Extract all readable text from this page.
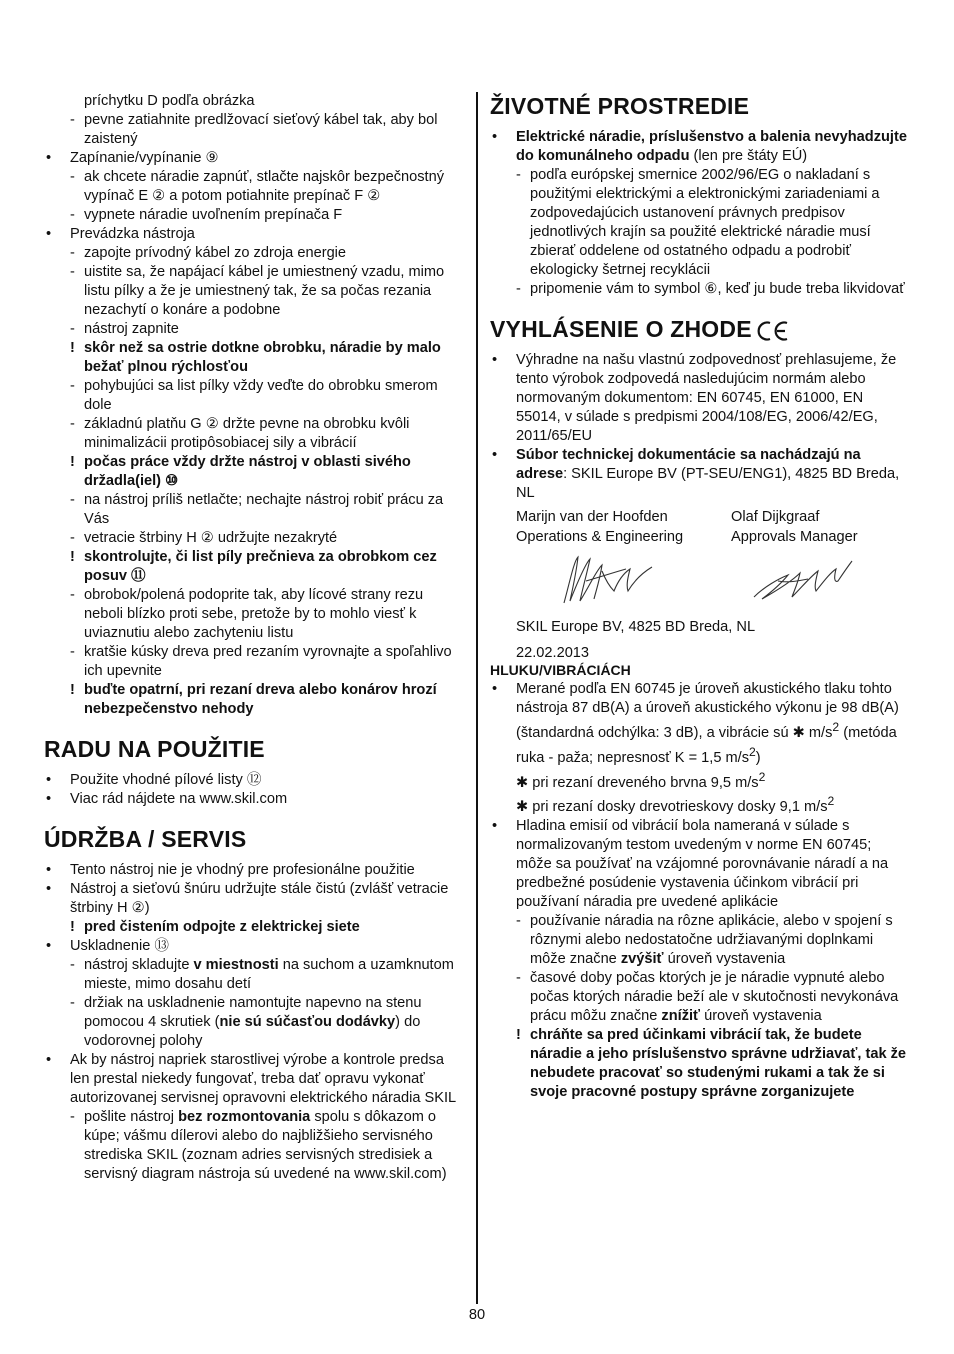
príchytku D podľa obrázka
- pevne zatiahnite predlžovací sieťový kábel tak, aby bol zaistený
• Zapínanie/vypínanie ⑨
- ak chcete náradie zapnúť, stlačte najskôr bezpečnostný vypínač E ② a potom potiahnite prepínač F ②
- vypnete náradie uvoľnením prepínača F
• Prevádzka nástroja
- zapojte prívodný kábel zo zdroja energie
- uistite sa, že napájací kábel je umiestnený vzadu, mimo listu pílky a že je umiestnený tak, že sa počas rezania nezachytí o konáre a podobne
- nástroj zapnite
! skôr než sa ostrie dotkne obrobku, náradie by malo bežať plnou rýchlosťou
- pohybujúci sa list pílky vždy veďte do obrobku smerom dole
- základnú platňu G ② držte pevne na obrobku kvôli minimalizácii protipôsobiacej sily a vibrácií
! počas práce vždy držte nástroj v oblasti sivého držadla(iel) ⑩
- na nástroj príliš netlačte; nechajte nástroj robiť prácu za Vás
- vetracie štrbiny H ② udržujte nezakryté
! skontrolujte, či list píly prečnieva za obrobkom cez posuv ⑪
- obrobok/polená podoprite tak, aby lícové strany rezu neboli blízko proti sebe, pretože by to mohlo viesť k uviaznutiu alebo zachyteniu listu
- kratšie kúsky dreva pred rezaním vyrovnajte a spoľahlivo ich upevnite
! buďte opatrní, pri rezaní dreva alebo konárov hrozí nebezpečenstvo nehody
RADU NA POUŽITIE
• Použite vhodné pílové listy ⑫
• Viac rád nájdete na www.skil.com
ÚDRŽBA / SERVIS
• Tento nástroj nie je vhodný pre profesionálne použitie
• Nástroj a sieťovú šnúru udržujte stále čistú (zvlášť vetracie štrbiny H ②)
! pred čistením odpojte z elektrickej siete
• Uskladnenie ⑬
- nástroj skladujte v miestnosti na suchom a uzamknutom mieste, mimo dosahu detí
- držiak na uskladnenie namontujte napevno na stenu pomocou 4 skrutiek (nie sú súčasťou dodávky) do vodorovnej polohy
• Ak by nástroj napriek starostlivej výrobe a kontrole predsa len prestal niekedy fungovať, treba dať opravu vykonať autorizovanej servisnej opravovni elektrického náradia SKIL
- pošlite nástroj bez rozmontovania spolu s dôkazom o kúpe; vášmu dílerovi alebo do najbližšieho servisného strediska SKIL (zoznam adries servisných stredisiek a servisný diagram nástroja sú uvedené na www.skil.com)
ŽIVOTNÉ PROSTREDIE
• Elektrické náradie, príslušenstvo a balenia nevyhadzujte do komunálneho odpadu (len pre štáty EÚ)
- podľa európskej smernice 2002/96/EG o nakladaní s použitými elektrickými a elektronickými zariadeniami a zodpovedajúcich ustanovení právnych predpisov jednotlivých krajín sa použité elektrické náradie musí zbierať oddelene od ostatného odpadu a podrobiť ekologicky šetrnej recyklácii
- pripomenie vám to symbol ⑥, keď ju bude treba likvidovať
VYHLÁSENIE O ZHODE
• Výhradne na našu vlastnú zodpovednosť prehlasujeme, že tento výrobok zodpovedá nasledujúcim normám alebo normovaným dokumentom: EN 60745, EN 61000, EN 55014, v súlade s predpismi 2004/108/EG, 2006/42/EG, 2011/65/EU
• Súbor technickej dokumentácie sa nachádzajú na adrese: SKIL Europe BV (PT-SEU/ENG1), 4825 BD Breda, NL
Marijn van der Hoofden
Operations & Engineering
Olaf Dijkgraaf
Approvals Manager
SKIL Europe BV, 4825 BD Breda, NL
22.02.2013
HLUKU/VIBRÁCIÁCH
• Merané podľa EN 60745 je úroveň akustického tlaku tohto nástroja 87 dB(A) a úroveň akustického výkonu je 98 dB(A) (štandardná odchýlka: 3 dB), a vibrácie sú ✱ $m/s^2$ (metóda ruka - paža; nepresnosť K = 1,5 $m/s^2$)
✱ pri rezaní dreveného brvna 9,5 $m/s^2$
✱ pri rezaní dosky drevotrieskovy dosky 9,1 $m/s^2$
• Hladina emisií od vibrácií bola nameraná v súlade s normalizovaným testom uvedeným v norme EN 60745; môže sa používať na vzájomné porovnávanie náradí a na predbežné posúdenie vystavenia účinkom vibrácií pri používaní náradia pre uvedené aplikácie
- používanie náradia na rôzne aplikácie, alebo v spojení s rôznymi alebo nedostatočne udržiavanými doplnkami môže značne zvýšiť úroveň vystavenia
- časové doby počas ktorých je je náradie vypnuté alebo počas ktorých náradie beží ale v skutočnosti nevykonáva prácu môžu značne znížiť úroveň vystavenia
! chráňte sa pred účinkami vibrácií tak, že budete náradie a jeho príslušenstvo správne udržiavať, tak že nebudete pracovať so studenými rukami a tak že si svoje pracovné postupy správne zorganizujete
80
